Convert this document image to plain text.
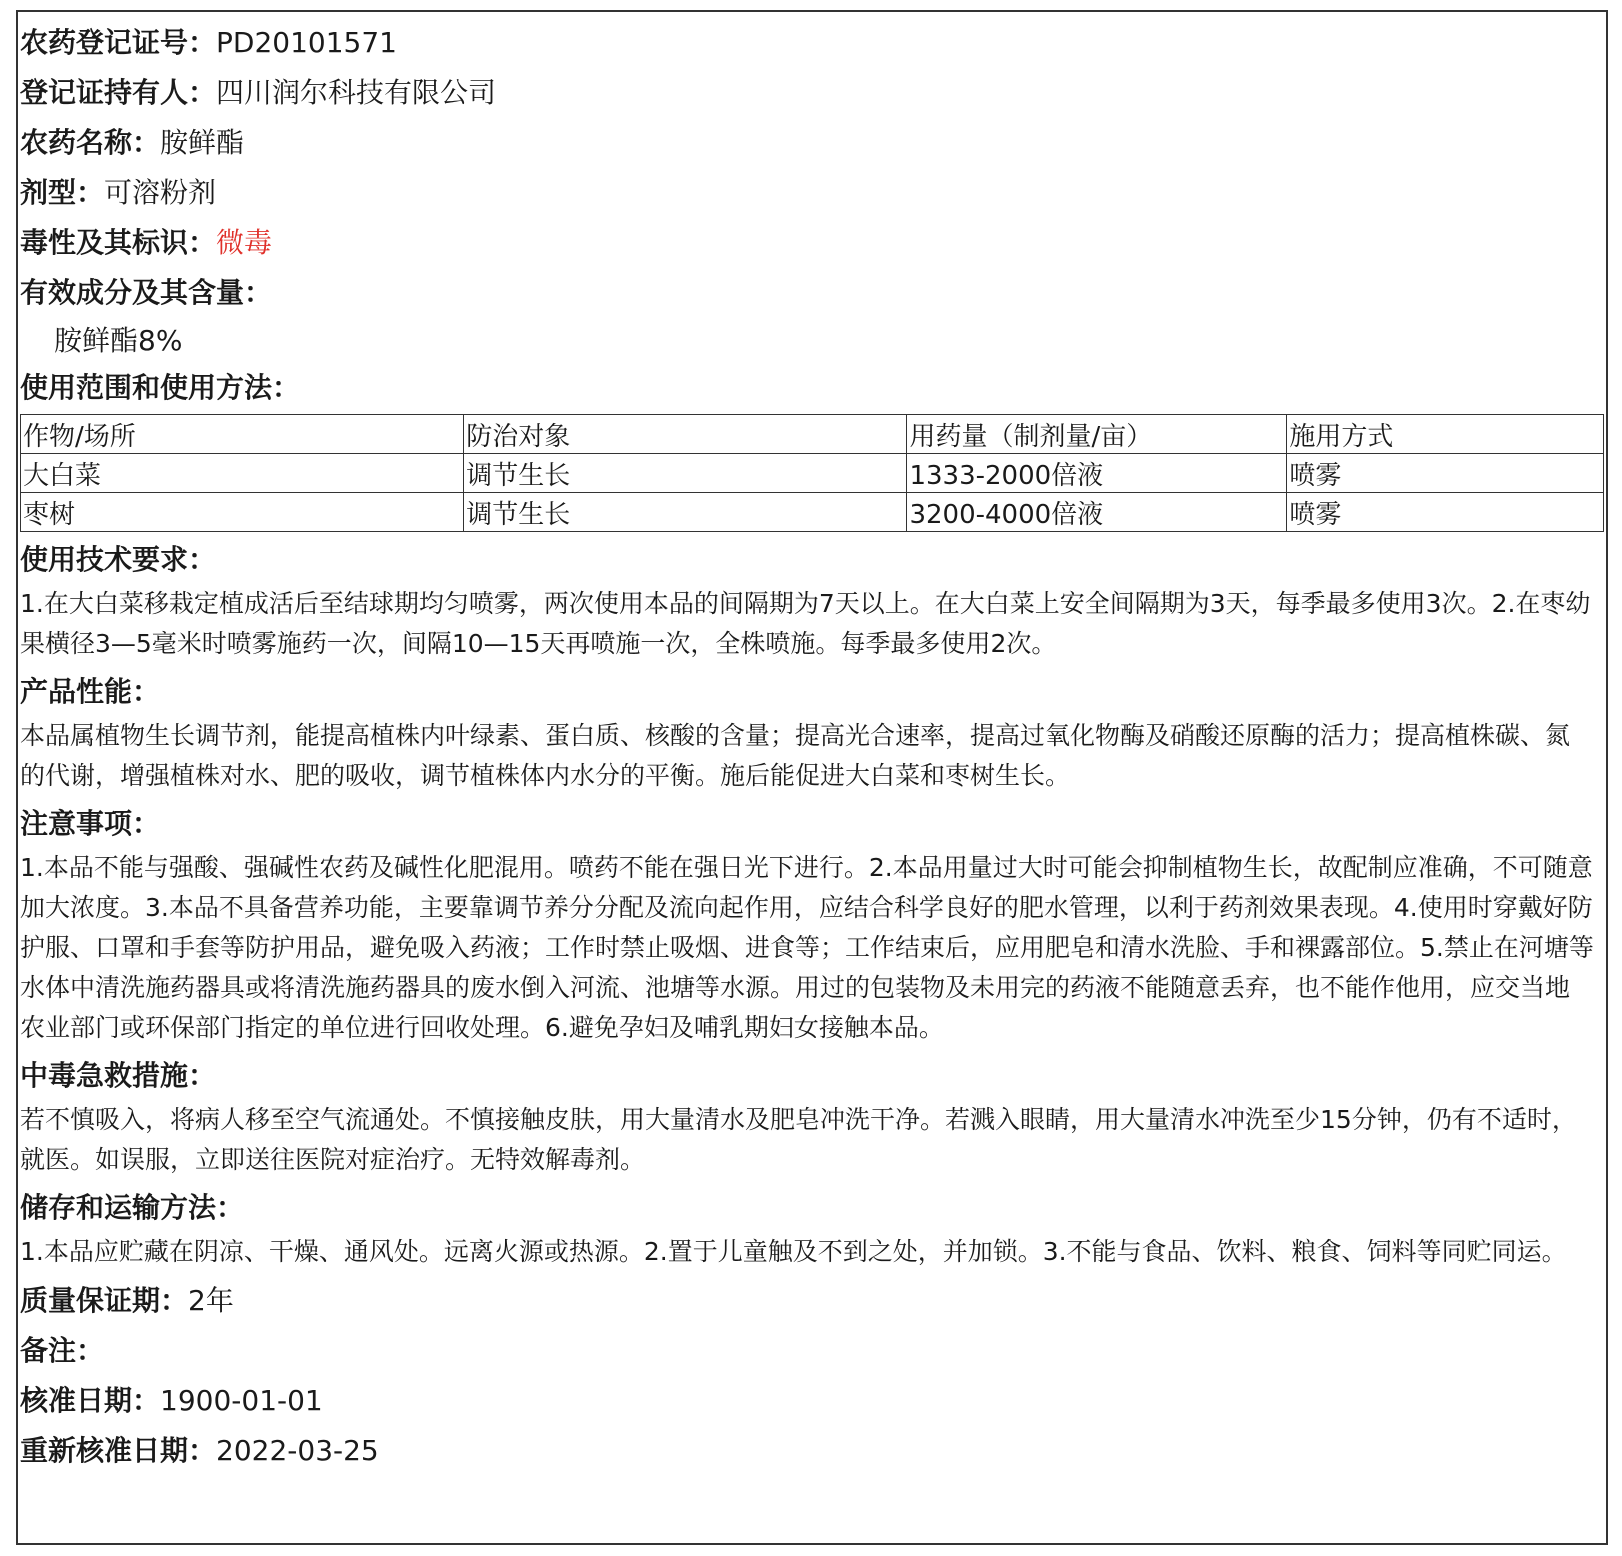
农药登记证号：PD20101571
登记证持有人：四川润尔科技有限公司
农药名称：胺鲜酯
剂型：可溶粉剂
毒性及其标识：微毒
有效成分及其含量：
胺鲜酯8%
使用范围和使用方法：
作物/场所	防治对象	用药量（制剂量/亩）	施用方式
大白菜	调节生长	1333-2000倍液	喷雾
枣树	调节生长	3200-4000倍液	喷雾
使用技术要求：
1.在大白菜移栽定植成活后至结球期均匀喷雾，两次使用本品的间隔期为7天以上。在大白菜上安全间隔期为3天，每季最多使用3次。2.在枣幼果横径3—5毫米时喷雾施药一次，间隔10—15天再喷施一次，全株喷施。每季最多使用2次。
产品性能：
本品属植物生长调节剂，能提高植株内叶绿素、蛋白质、核酸的含量；提高光合速率，提高过氧化物酶及硝酸还原酶的活力；提高植株碳、氮的代谢，增强植株对水、肥的吸收，调节植株体内水分的平衡。施后能促进大白菜和枣树生长。
注意事项：
1.本品不能与强酸、强碱性农药及碱性化肥混用。喷药不能在强日光下进行。2.本品用量过大时可能会抑制植物生长，故配制应准确，不可随意加大浓度。3.本品不具备营养功能，主要靠调节养分分配及流向起作用，应结合科学良好的肥水管理，以利于药剂效果表现。4.使用时穿戴好防护服、口罩和手套等防护用品，避免吸入药液；工作时禁止吸烟、进食等；工作结束后，应用肥皂和清水洗脸、手和裸露部位。5.禁止在河塘等水体中清洗施药器具或将清洗施药器具的废水倒入河流、池塘等水源。用过的包装物及未用完的药液不能随意丢弃，也不能作他用，应交当地农业部门或环保部门指定的单位进行回收处理。6.避免孕妇及哺乳期妇女接触本品。
中毒急救措施：
若不慎吸入，将病人移至空气流通处。不慎接触皮肤，用大量清水及肥皂冲洗干净。若溅入眼睛，用大量清水冲洗至少15分钟，仍有不适时，就医。如误服，立即送往医院对症治疗。无特效解毒剂。
储存和运输方法：
1.本品应贮藏在阴凉、干燥、通风处。远离火源或热源。2.置于儿童触及不到之处，并加锁。3.不能与食品、饮料、粮食、饲料等同贮同运。
质量保证期：2年
备注：
核准日期：1900-01-01
重新核准日期：2022-03-25
